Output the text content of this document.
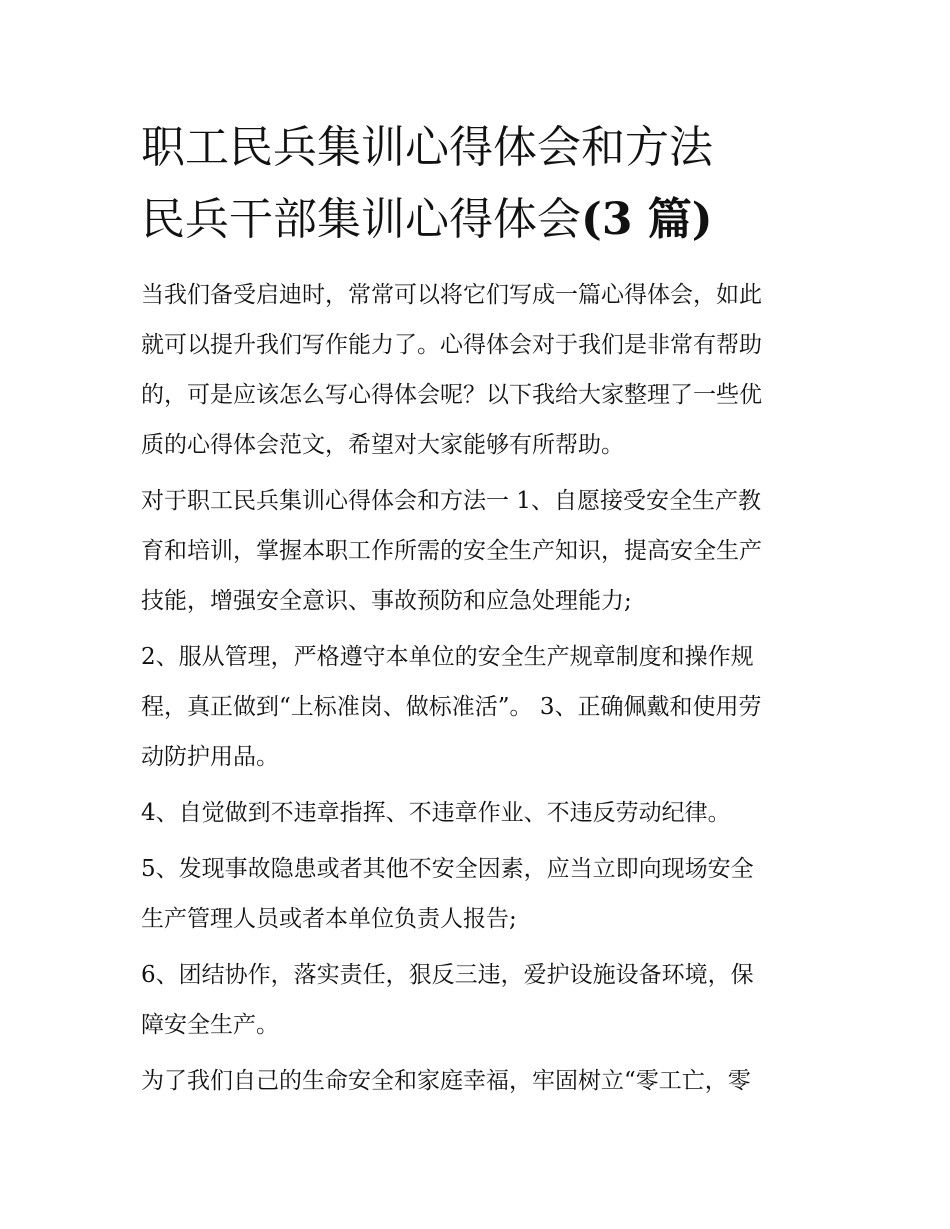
职工民兵集训心得体会和方法
民兵干部集训心得体会(3 篇)
当我们备受启迪时，常常可以将它们写成一篇心得体会，如此
就可以提升我们写作能力了。心得体会对于我们是非常有帮助
的，可是应该怎么写心得体会呢？以下我给大家整理了一些优
质的心得体会范文，希望对大家能够有所帮助。
对于职工民兵集训心得体会和方法一 1、自愿接受安全生产教
育和培训，掌握本职工作所需的安全生产知识，提高安全生产
技能，增强安全意识、事故预防和应急处理能力;
2、服从管理，严格遵守本单位的安全生产规章制度和操作规
程，真正做到“上标准岗、做标准活”。 3、正确佩戴和使用劳
动防护用品。
4、自觉做到不违章指挥、不违章作业、不违反劳动纪律。
5、发现事故隐患或者其他不安全因素，应当立即向现场安全
生产管理人员或者本单位负责人报告;
6、团结协作，落实责任，狠反三违，爱护设施设备环境，保
障安全生产。
为了我们自己的生命安全和家庭幸福，牢固树立“零工亡，零
